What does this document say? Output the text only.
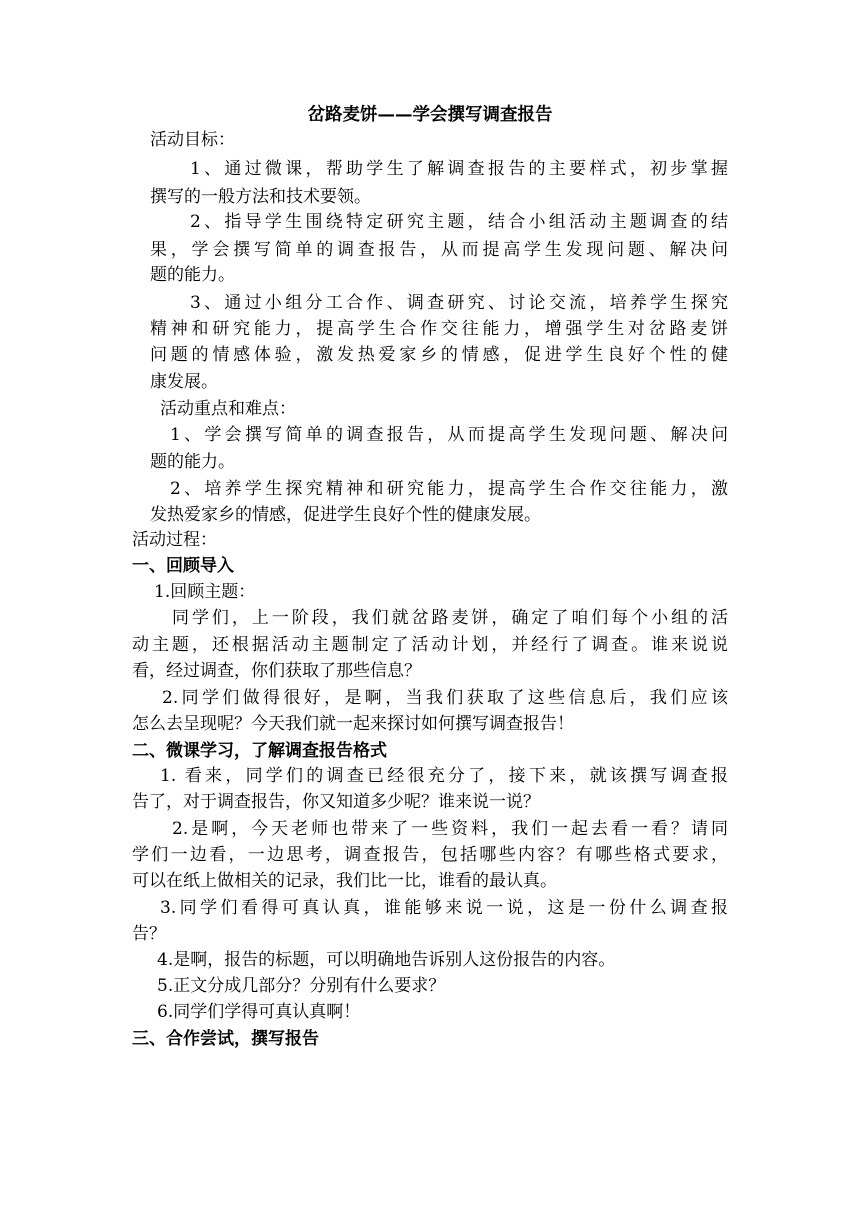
岔路麦饼——学会撰写调查报告

活动目标：

1、通过微课，帮助学生了解调查报告的主要样式，初步掌握

撰写的一般方法和技术要领。

2、指导学生围绕特定研究主题，结合小组活动主题调查的结

果，学会撰写简单的调查报告，从而提高学生发现问题、解决问

题的能力。

3、通过小组分工合作、调查研究、讨论交流，培养学生探究

精神和研究能力，提高学生合作交往能力，增强学生对岔路麦饼

问题的情感体验，激发热爱家乡的情感，促进学生良好个性的健

康发展。

活动重点和难点：

1、学会撰写简单的调查报告，从而提高学生发现问题、解决问

题的能力。

2、培养学生探究精神和研究能力，提高学生合作交往能力，激

发热爱家乡的情感，促进学生良好个性的健康发展。

活动过程：

一、回顾导入

1.回顾主题：

同学们，上一阶段，我们就岔路麦饼，确定了咱们每个小组的活

动主题，还根据活动主题制定了活动计划，并经行了调查。谁来说说

看，经过调查，你们获取了那些信息？

2.同学们做得很好，是啊，当我们获取了这些信息后，我们应该

怎么去呈现呢？今天我们就一起来探讨如何撰写调查报告！

二、微课学习，了解调查报告格式

1. 看来，同学们的调查已经很充分了，接下来，就该撰写调查报

告了，对于调查报告，你又知道多少呢？谁来说一说？

2.是啊，今天老师也带来了一些资料，我们一起去看一看？请同

学们一边看，一边思考，调查报告，包括哪些内容？有哪些格式要求，

可以在纸上做相关的记录，我们比一比，谁看的最认真。

3.同学们看得可真认真，谁能够来说一说，这是一份什么调查报

告？

4.是啊，报告的标题，可以明确地告诉别人这份报告的内容。

5.正文分成几部分？分别有什么要求？

6.同学们学得可真认真啊！

三、合作尝试，撰写报告
